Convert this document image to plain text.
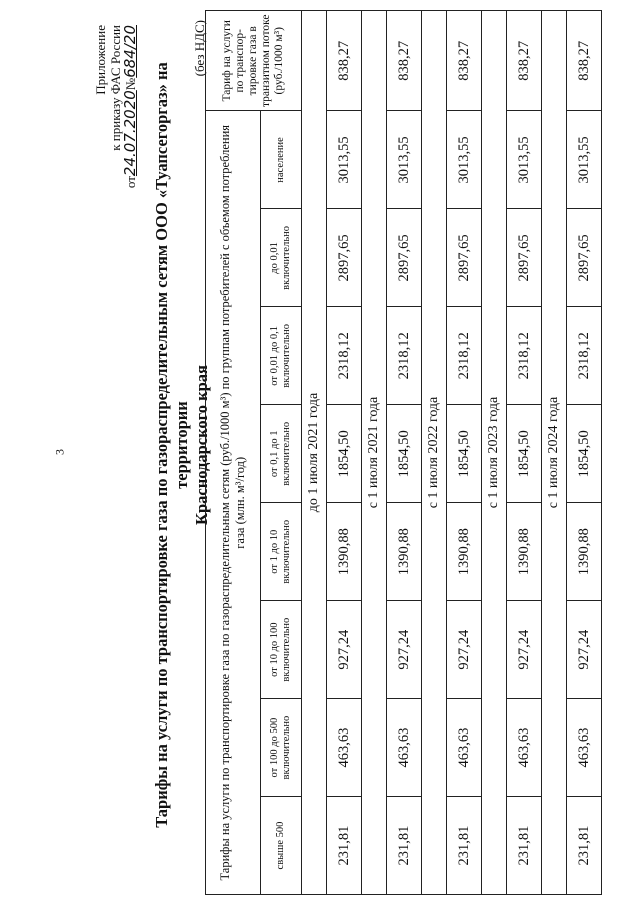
3
Приложение к приказу ФАС России
от24.07.2020№684/20
Тарифы на услуги по транспортировке газа по газораспределительным сетям ООО «Туапсегоргаз» на территории Краснодарского края
(без НДС)
Тарифы на услуги по транспортировке газа по газораспределительным сетям (руб./1000 м³) по группам потребителей с объемом потребления газа (млн. м³/год)								Тариф на услуги по транспор-тировке газа в транзитном потоке (руб./1000 м³)
свыше 500	от 100 до 500 включительно	от 10 до 100 включительно	от 1 до 10 включительно	от 0,1 до 1 включительно	от 0,01 до 0,1 включительно	до 0,01 включительно	население	
до 1 июля 2021 года								
231,81	463,63	927,24	1390,88	1854,50	2318,12	2897,65	3013,55	838,27
с 1 июля 2021 года								
231,81	463,63	927,24	1390,88	1854,50	2318,12	2897,65	3013,55	838,27
с 1 июля 2022 года								
231,81	463,63	927,24	1390,88	1854,50	2318,12	2897,65	3013,55	838,27
с 1 июля 2023 года								
231,81	463,63	927,24	1390,88	1854,50	2318,12	2897,65	3013,55	838,27
с 1 июля 2024 года								
231,81	463,63	927,24	1390,88	1854,50	2318,12	2897,65	3013,55	838,27
